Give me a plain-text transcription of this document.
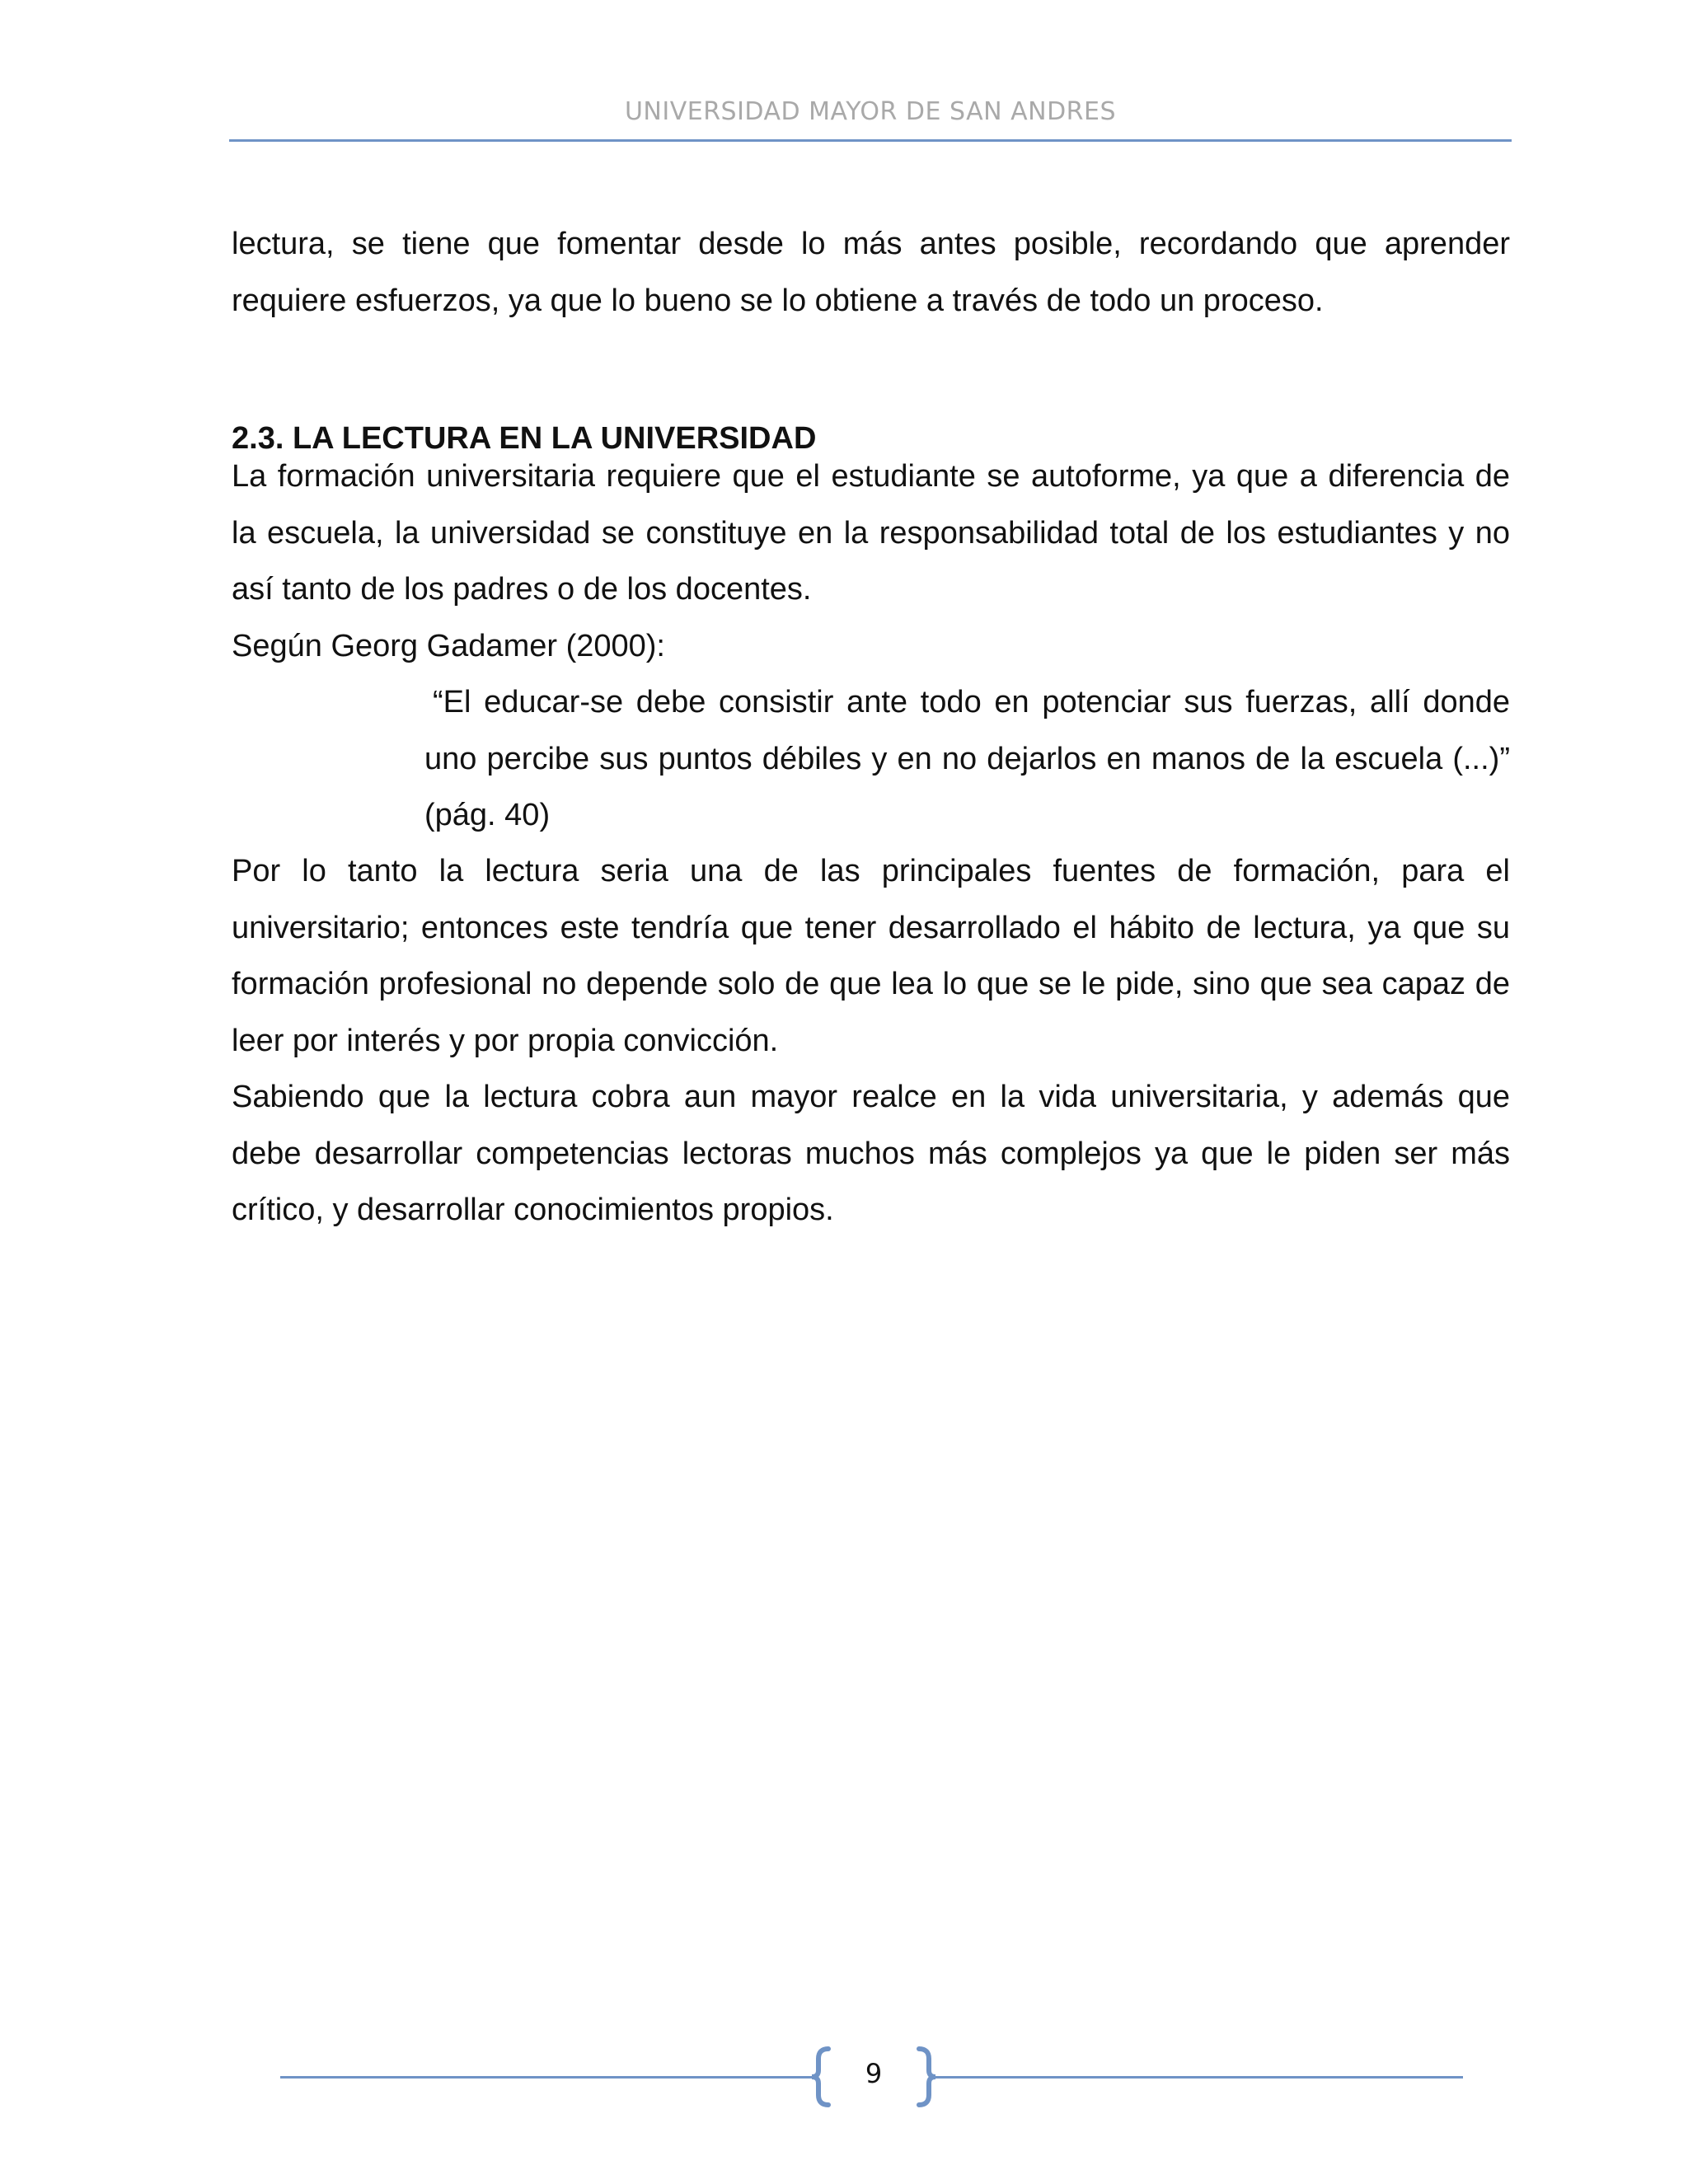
UNIVERSIDAD MAYOR DE SAN ANDRES

lectura, se tiene que fomentar desde lo más antes posible, recordando que aprender requiere esfuerzos, ya que lo bueno se lo obtiene a través de todo un proceso.

2.3. LA LECTURA EN LA UNIVERSIDAD

La formación universitaria requiere que el estudiante se autoforme, ya que a diferencia de la escuela, la universidad se constituye en la responsabilidad total de los estudiantes y no así tanto de los padres o de los docentes.

Según Georg Gadamer (2000):

“El educar-se debe consistir ante todo en potenciar sus fuerzas, allí donde uno percibe sus puntos débiles y en no dejarlos en manos de la escuela (...)” (pág. 40)

Por lo tanto la lectura seria una de las principales fuentes de formación, para el universitario; entonces este tendría que tener desarrollado el hábito de lectura, ya que su formación profesional no depende solo de que lea lo que se le pide, sino que sea capaz de leer por interés y por propia convicción.

Sabiendo que la lectura cobra aun mayor realce en la vida universitaria, y además que debe desarrollar competencias lectoras muchos más complejos ya que le piden ser más crítico, y desarrollar conocimientos propios.

9
